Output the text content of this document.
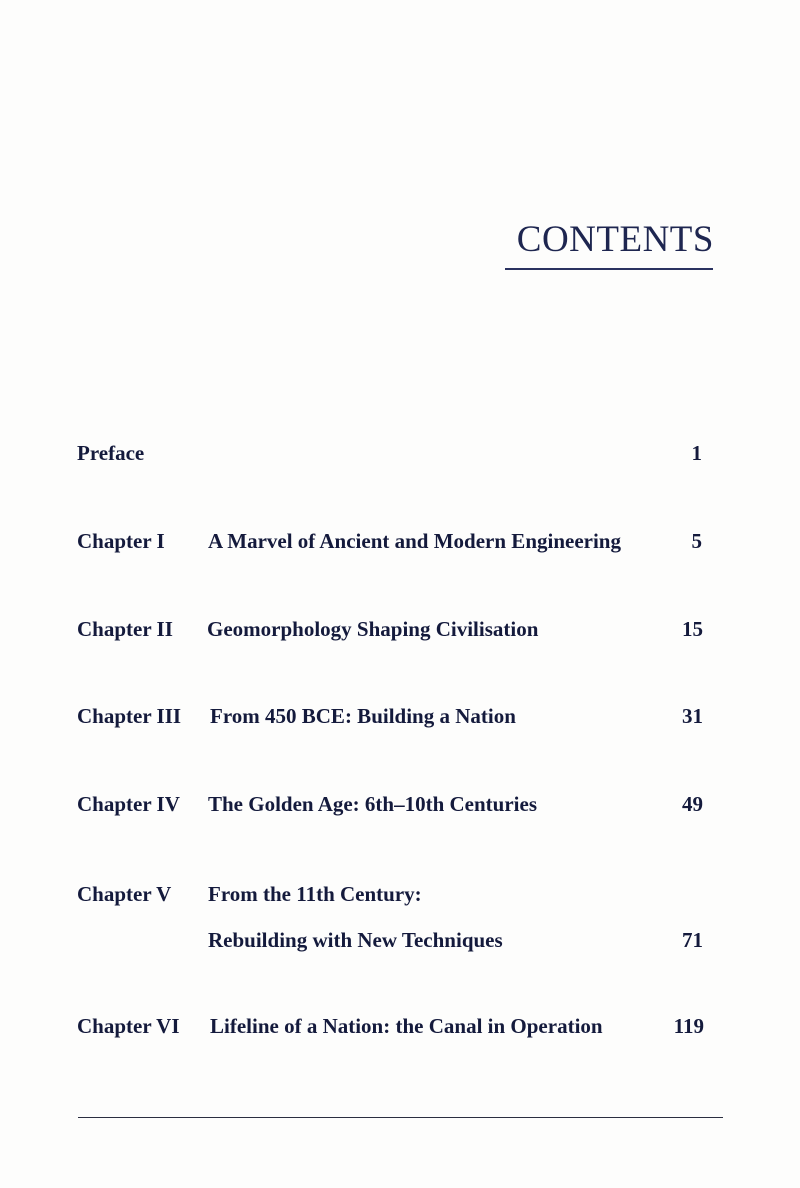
CONTENTS
Preface	1
Chapter I A Marvel of Ancient and Modern Engineering	5
Chapter II Geomorphology Shaping Civilisation	15
Chapter III From 450 BCE: Building a Nation	31
Chapter IV The Golden Age: 6th–10th Centuries	49
Chapter V From the 11th Century:
Rebuilding with New Techniques	71
Chapter VI Lifeline of a Nation: the Canal in Operation	119
